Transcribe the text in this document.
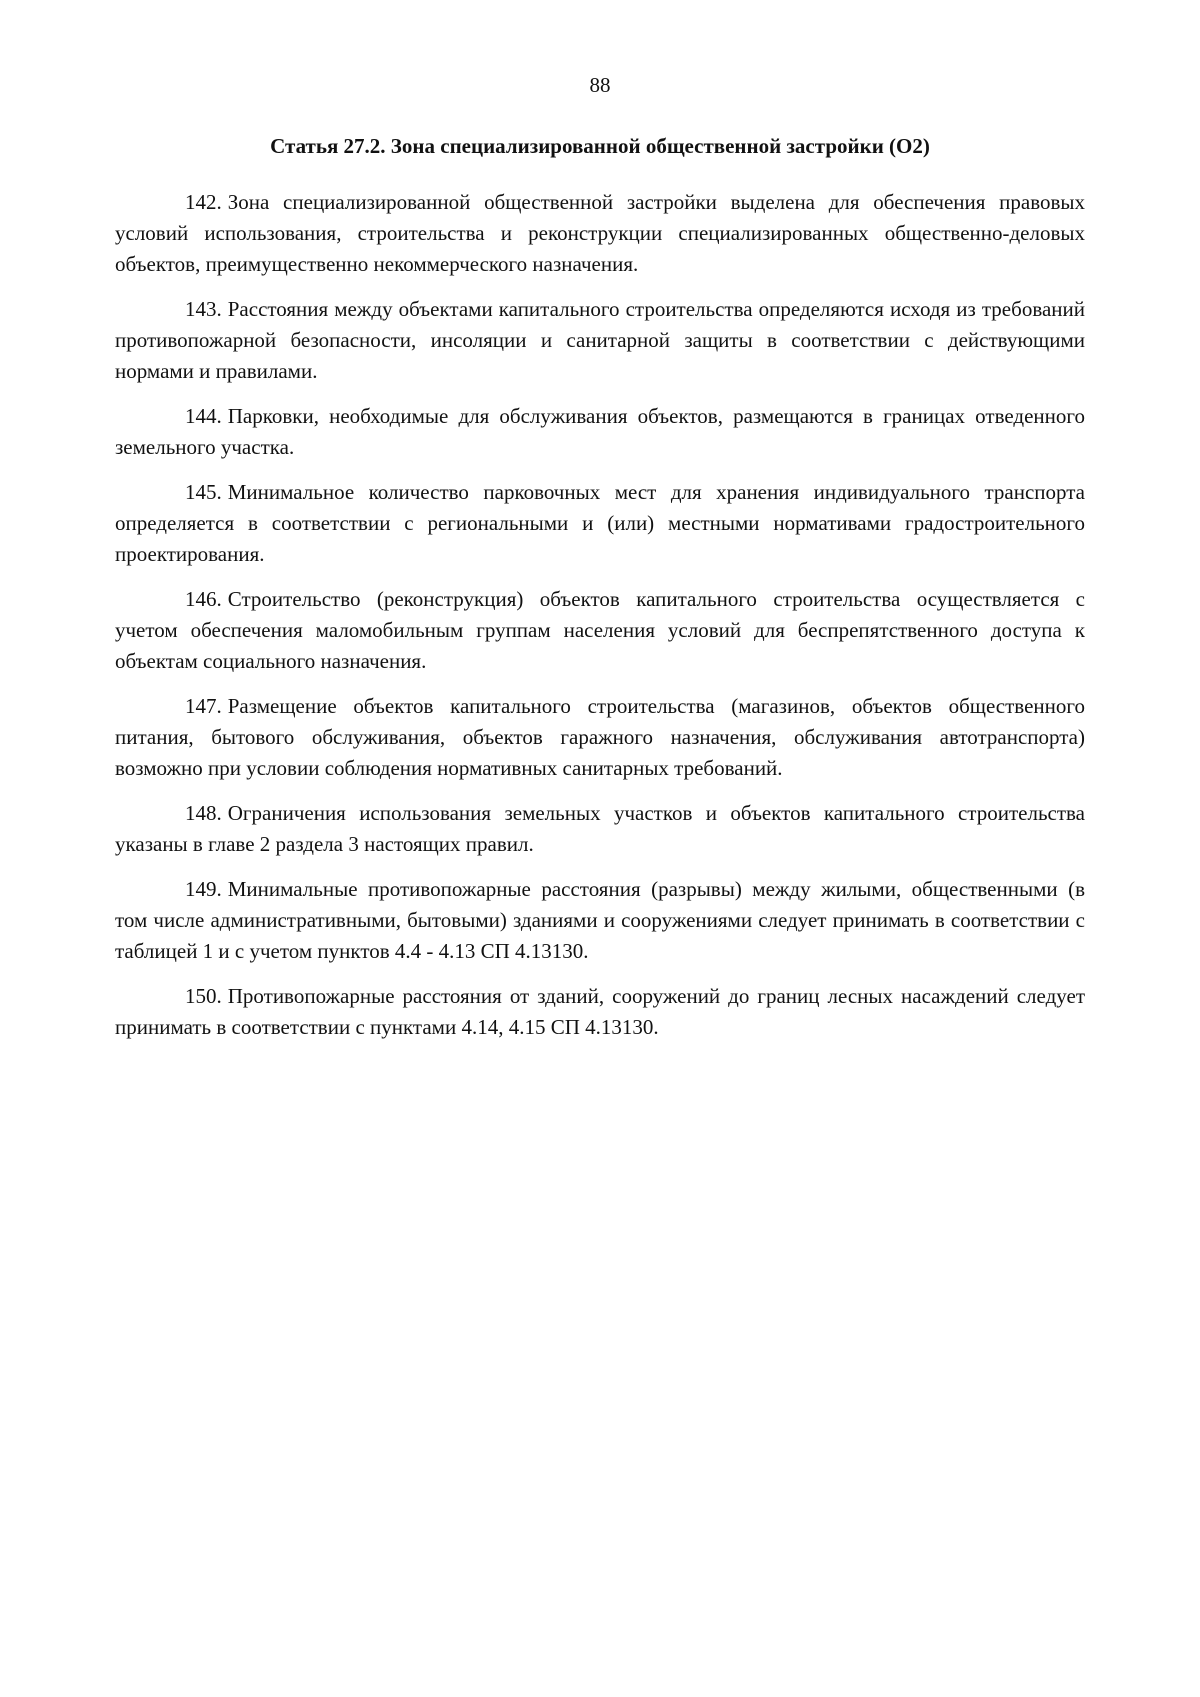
88
Статья 27.2. Зона специализированной общественной застройки (О2)

142. Зона специализированной общественной застройки выделена для обеспечения правовых условий использования, строительства и реконструкции специализированных общественно-деловых объектов, преимущественно некоммерческого назначения.

143. Расстояния между объектами капитального строительства определяются исходя из требований противопожарной безопасности, инсоляции и санитарной защиты в соответствии с действующими нормами и правилами.

144. Парковки, необходимые для обслуживания объектов, размещаются в границах отведенного земельного участка.

145. Минимальное количество парковочных мест для хранения индивидуального транспорта определяется в соответствии с региональными и (или) местными нормативами градостроительного проектирования.

146. Строительство (реконструкция) объектов капитального строительства осуществляется с учетом обеспечения маломобильным группам населения условий для беспрепятственного доступа к объектам социального назначения.

147. Размещение объектов капитального строительства (магазинов, объектов общественного питания, бытового обслуживания, объектов гаражного назначения, обслуживания автотранспорта) возможно при условии соблюдения нормативных санитарных требований.

148. Ограничения использования земельных участков и объектов капитального строительства указаны в главе 2 раздела 3 настоящих правил.

149. Минимальные противопожарные расстояния (разрывы) между жилыми, общественными (в том числе административными, бытовыми) зданиями и сооружениями следует принимать в соответствии с таблицей 1 и с учетом пунктов 4.4 - 4.13 СП 4.13130.

150. Противопожарные расстояния от зданий, сооружений до границ лесных насаждений следует принимать в соответствии с пунктами 4.14, 4.15 СП 4.13130.
